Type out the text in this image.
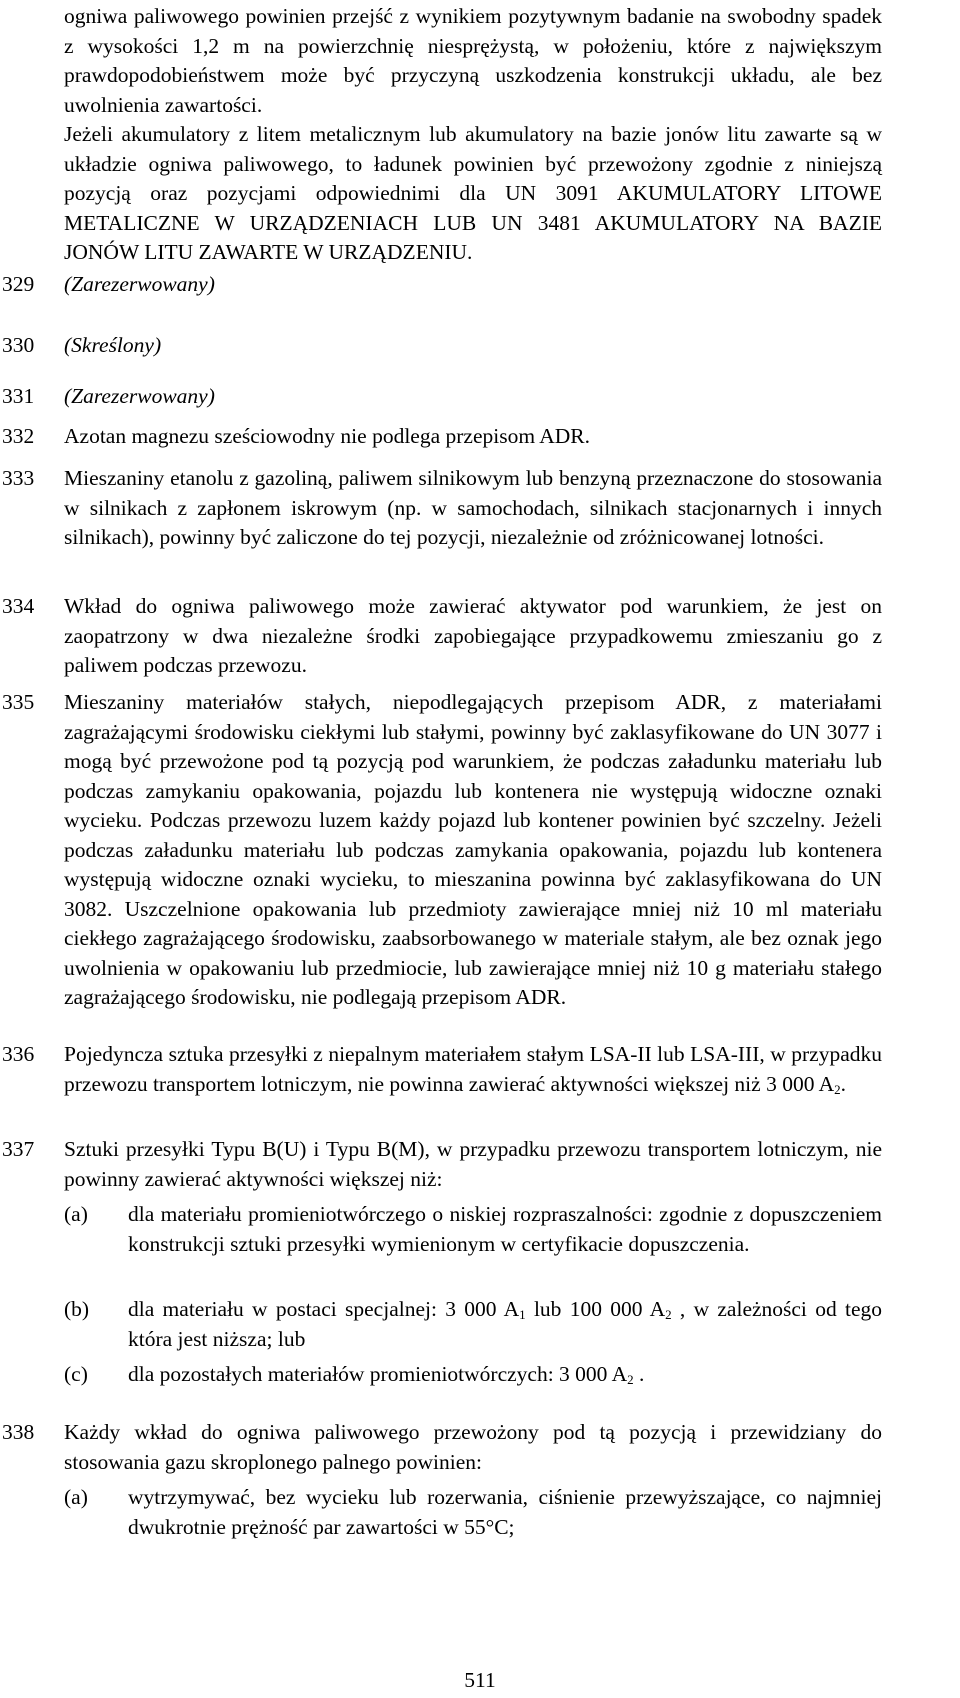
ogniwa paliwowego powinien przejść z wynikiem pozytywnym badanie na swobodny spadek z wysokości 1,2 m na powierzchnię niesprężystą, w położeniu, które z największym prawdopodobieństwem może być przyczyną uszkodzenia konstrukcji układu, ale bez uwolnienia zawartości.
Jeżeli akumulatory z litem metalicznym lub akumulatory na bazie jonów litu zawarte są w układzie ogniwa paliwowego, to ładunek powinien być przewożony zgodnie z niniejszą pozycją oraz pozycjami odpowiednimi dla UN 3091 AKUMULATORY LITOWE METALICZNE W URZĄDZENIACH LUB UN 3481 AKUMULATORY NA BAZIE JONÓW LITU ZAWARTE W URZĄDZENIU.
329	(Zarezerwowany)
330	(Skreślony)
331	(Zarezerwowany)
332	Azotan magnezu sześciowodny nie podlega przepisom ADR.
333	Mieszaniny etanolu z gazoliną, paliwem silnikowym lub benzyną przeznaczone do stosowania w silnikach z zapłonem iskrowym (np. w samochodach, silnikach stacjonarnych i innych silnikach), powinny być zaliczone do tej pozycji, niezależnie od zróżnicowanej lotności.
334	Wkład do ogniwa paliwowego może zawierać aktywator pod warunkiem, że jest on zaopatrzony w dwa niezależne środki zapobiegające przypadkowemu zmieszaniu go z paliwem podczas przewozu.
335	Mieszaniny materiałów stałych, niepodlegających przepisom ADR, z materiałami zagrażającymi środowisku ciekłymi lub stałymi, powinny być zaklasyfikowane do UN 3077 i mogą być przewożone pod tą pozycją pod warunkiem, że podczas załadunku materiału lub podczas zamykaniu opakowania, pojazdu lub kontenera nie występują widoczne oznaki wycieku. Podczas przewozu luzem każdy pojazd lub kontener powinien być szczelny. Jeżeli podczas załadunku materiału lub podczas zamykania opakowania, pojazdu lub kontenera występują widoczne oznaki wycieku, to mieszanina powinna być zaklasyfikowana do UN 3082. Uszczelnione opakowania lub przedmioty zawierające mniej niż 10 ml materiału ciekłego zagrażającego środowisku, zaabsorbowanego w materiale stałym, ale bez oznak jego uwolnienia w opakowaniu lub przedmiocie, lub zawierające mniej niż 10 g materiału stałego zagrażającego środowisku, nie podlegają przepisom ADR.
336	Pojedyncza sztuka przesyłki z niepalnym materiałem stałym LSA-II lub LSA-III, w przypadku przewozu transportem lotniczym, nie powinna zawierać aktywności większej niż 3 000 $A_2$.
337	Sztuki przesyłki Typu B(U) i Typu B(M), w przypadku przewozu transportem lotniczym, nie powinny zawierać aktywności większej niż:
(a)	dla materiału promieniotwórczego o niskiej rozpraszalności: zgodnie z dopuszczeniem konstrukcji sztuki przesyłki wymienionym w certyfikacie dopuszczenia.
(b)	dla materiału w postaci specjalnej: 3 000 $A_1$ lub 100 000 $A_2$ , w zależności od tego która jest niższa; lub
(c)	dla pozostałych materiałów promieniotwórczych: 3 000 $A_2$ .
338	Każdy wkład do ogniwa paliwowego przewożony pod tą pozycją i przewidziany do stosowania gazu skroplonego palnego powinien:
(a)	wytrzymywać, bez wycieku lub rozerwania, ciśnienie przewyższające, co najmniej dwukrotnie prężność par zawartości w 55°C;
511
